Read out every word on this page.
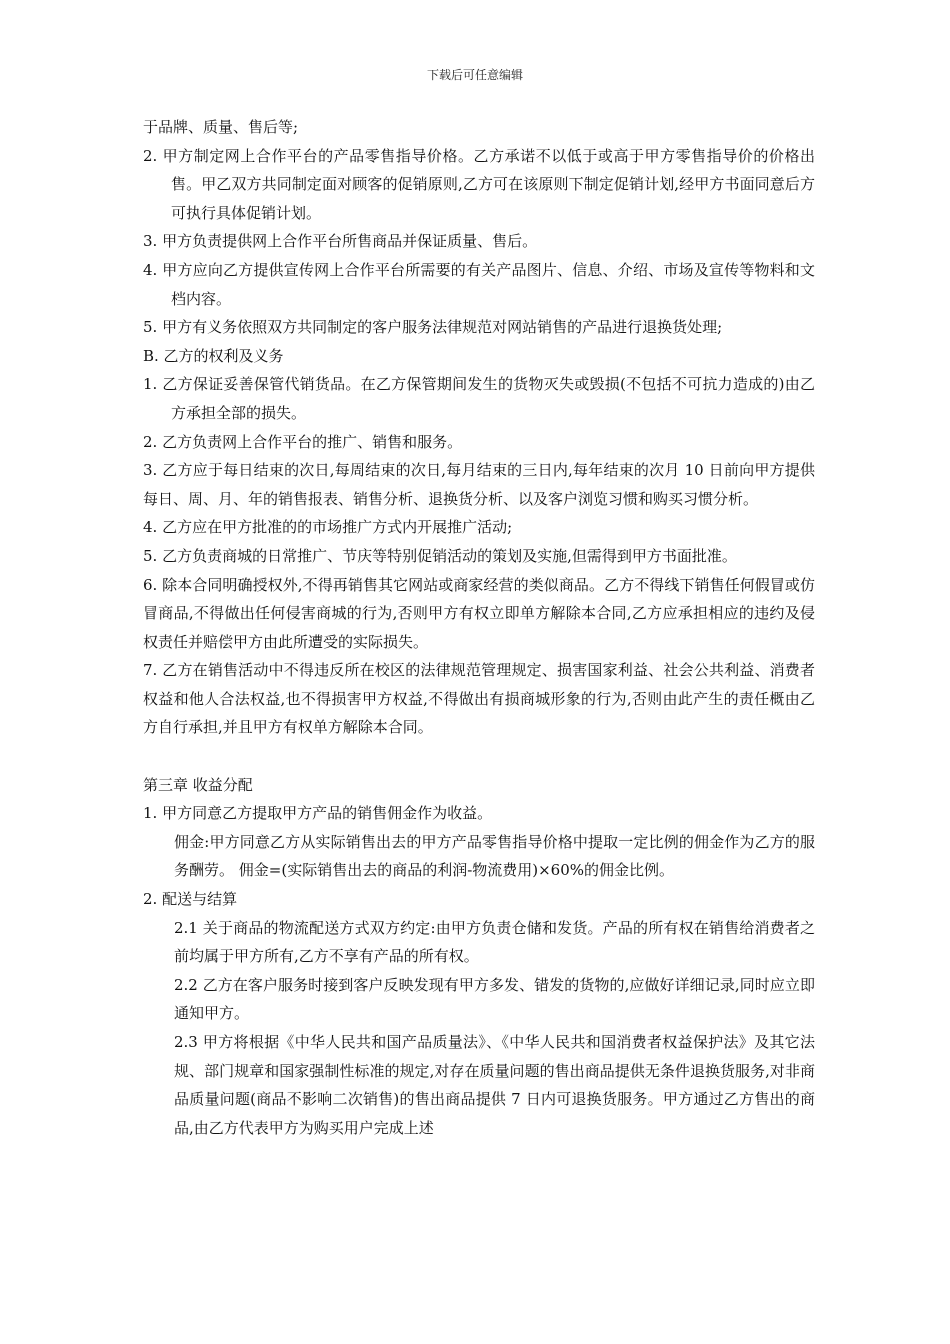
下载后可任意编辑

于品牌、质量、售后等;

2. 甲方制定网上合作平台的产品零售指导价格。乙方承诺不以低于或高于甲方零售指导价的价格出售。甲乙双方共同制定面对顾客的促销原则,乙方可在该原则下制定促销计划,经甲方书面同意后方可执行具体促销计划。

3. 甲方负责提供网上合作平台所售商品并保证质量、售后。

4. 甲方应向乙方提供宣传网上合作平台所需要的有关产品图片、信息、介绍、市场及宣传等物料和文档内容。

5. 甲方有义务依照双方共同制定的客户服务法律规范对网站销售的产品进行退换货处理;

B. 乙方的权利及义务

1. 乙方保证妥善保管代销货品。在乙方保管期间发生的货物灭失或毁损(不包括不可抗力造成的)由乙方承担全部的损失。

2. 乙方负责网上合作平台的推广、销售和服务。

3. 乙方应于每日结束的次日,每周结束的次日,每月结束的三日内,每年结束的次月 10 日前向甲方提供每日、周、月、年的销售报表、销售分析、退换货分析、以及客户浏览习惯和购买习惯分析。

4. 乙方应在甲方批准的的市场推广方式内开展推广活动;

5. 乙方负责商城的日常推广、节庆等特别促销活动的策划及实施,但需得到甲方书面批准。

6. 除本合同明确授权外,不得再销售其它网站或商家经营的类似商品。乙方不得线下销售任何假冒或仿冒商品,不得做出任何侵害商城的行为,否则甲方有权立即单方解除本合同,乙方应承担相应的违约及侵权责任并赔偿甲方由此所遭受的实际损失。

7. 乙方在销售活动中不得违反所在校区的法律规范管理规定、损害国家利益、社会公共利益、消费者权益和他人合法权益,也不得损害甲方权益,不得做出有损商城形象的行为,否则由此产生的责任概由乙方自行承担,并且甲方有权单方解除本合同。

第三章 收益分配

1. 甲方同意乙方提取甲方产品的销售佣金作为收益。

佣金:甲方同意乙方从实际销售出去的甲方产品零售指导价格中提取一定比例的佣金作为乙方的服务酬劳。 佣金=(实际销售出去的商品的利润-物流费用)×60%的佣金比例。

2. 配送与结算

2.1 关于商品的物流配送方式双方约定:由甲方负责仓储和发货。产品的所有权在销售给消费者之前均属于甲方所有,乙方不享有产品的所有权。

2.2 乙方在客户服务时接到客户反映发现有甲方多发、错发的货物的,应做好详细记录,同时应立即通知甲方。

2.3 甲方将根据《中华人民共和国产品质量法》、《中华人民共和国消费者权益保护法》及其它法规、部门规章和国家强制性标准的规定,对存在质量问题的售出商品提供无条件退换货服务,对非商品质量问题(商品不影响二次销售)的售出商品提供 7 日内可退换货服务。甲方通过乙方售出的商品,由乙方代表甲方为购买用户完成上述
